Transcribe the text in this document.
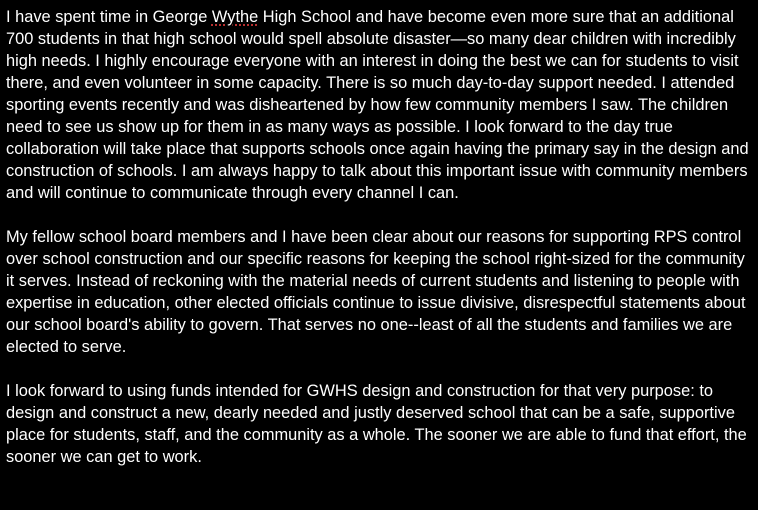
I have spent time in George Wythe High School and have become even more sure that an additional 700 students in that high school would spell absolute disaster—so many dear children with incredibly high needs. I highly encourage everyone with an interest in doing the best we can for students to visit there, and even volunteer in some capacity. There is so much day-to-day support needed. I attended sporting events recently and was disheartened by how few community members I saw. The children need to see us show up for them in as many ways as possible. I look forward to the day true collaboration will take place that supports schools once again having the primary say in the design and construction of schools. I am always happy to talk about this important issue with community members and will continue to communicate through every channel I can.

My fellow school board members and I have been clear about our reasons for supporting RPS control over school construction and our specific reasons for keeping the school right-sized for the community it serves. Instead of reckoning with the material needs of current students and listening to people with expertise in education, other elected officials continue to issue divisive, disrespectful statements about our school board's ability to govern. That serves no one--least of all the students and families we are elected to serve.

I look forward to using funds intended for GWHS design and construction for that very purpose: to design and construct a new, dearly needed and justly deserved school that can be a safe, supportive place for students, staff, and the community as a whole. The sooner we are able to fund that effort, the sooner we can get to work.
